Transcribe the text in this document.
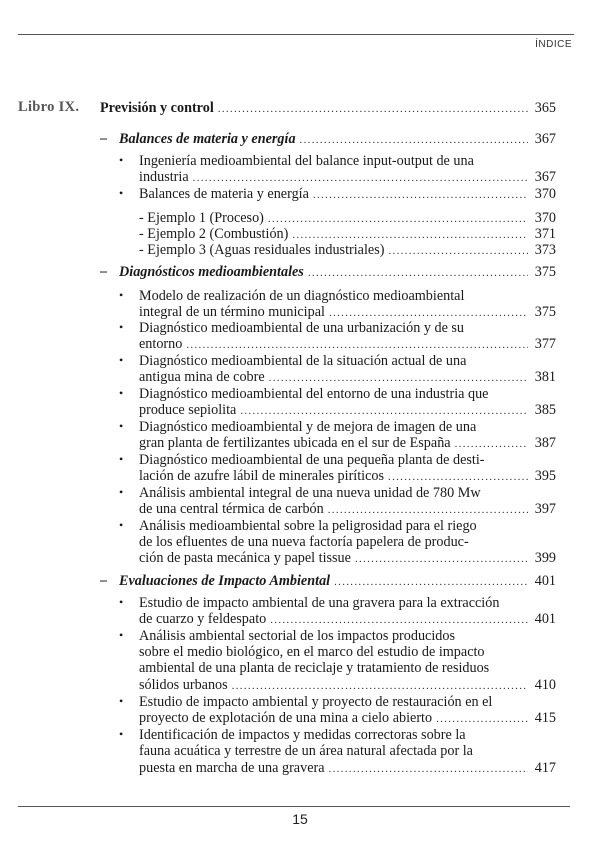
ÍNDICE
Libro IX. Previsión y control .....	365
– Balances de materia y energía .....	367
• Ingeniería medioambiental del balance input-output de una
industria .....	367
• Balances de materia y energía .....	370
- Ejemplo 1 (Proceso) .....	370
- Ejemplo 2 (Combustión) .....	371
- Ejemplo 3 (Aguas residuales industriales) .....	373
– Diagnósticos medioambientales .....	375
• Modelo de realización de un diagnóstico medioambiental
integral de un término municipal .....	375
• Diagnóstico medioambiental de una urbanización y de su
entorno .....	377
• Diagnóstico medioambiental de la situación actual de una
antigua mina de cobre .....	381
• Diagnóstico medioambiental del entorno de una industria que
produce sepiolita .....	385
• Diagnóstico medioambiental y de mejora de imagen de una
gran planta de fertilizantes ubicada en el sur de España .....	387
• Diagnóstico medioambiental de una pequeña planta de desti-
lación de azufre lábil de minerales piríticos .....	395
• Análisis ambiental integral de una nueva unidad de 780 Mw
de una central térmica de carbón .....	397
• Análisis medioambiental sobre la peligrosidad para el riego
de los efluentes de una nueva factoría papelera de produc-
ción de pasta mecánica y papel tissue .....	399
– Evaluaciones de Impacto Ambiental .....	401
• Estudio de impacto ambiental de una gravera para la extracción
de cuarzo y feldespato .....	401
• Análisis ambiental sectorial de los impactos producidos
sobre el medio biológico, en el marco del estudio de impacto
ambiental de una planta de reciclaje y tratamiento de residuos
sólidos urbanos .....	410
• Estudio de impacto ambiental y proyecto de restauración en el
proyecto de explotación de una mina a cielo abierto .....	415
• Identificación de impactos y medidas correctoras sobre la
fauna acuática y terrestre de un área natural afectada por la
puesta en marcha de una gravera .....	417
15
